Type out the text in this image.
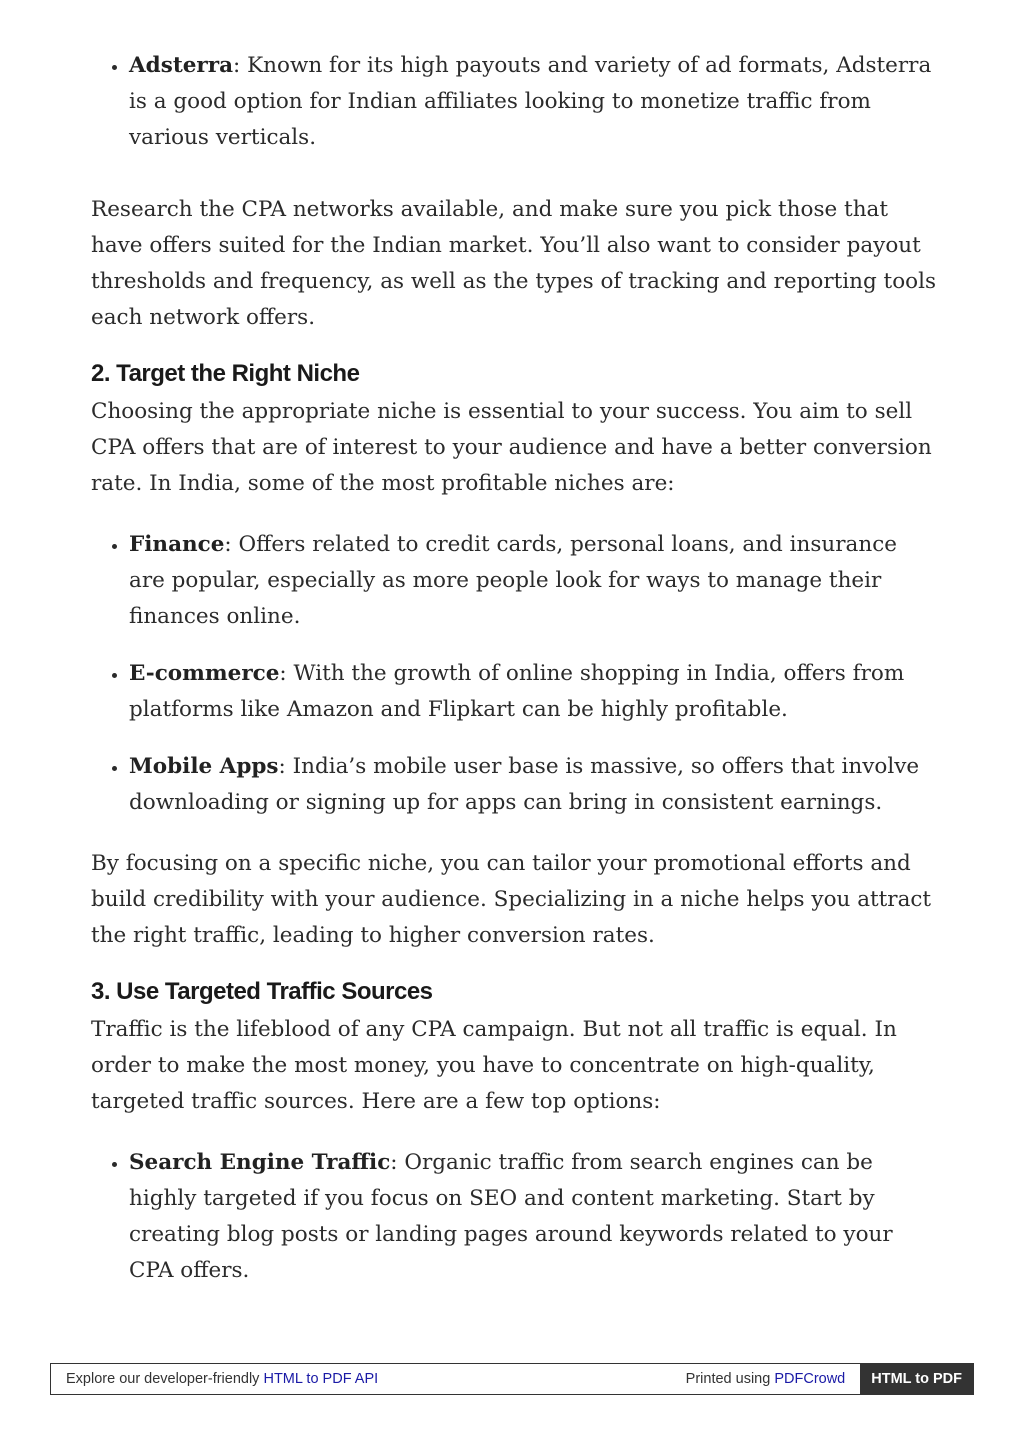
• Adsterra: Known for its high payouts and variety of ad formats, Adsterra is a good option for Indian affiliates looking to monetize traffic from various verticals.

Research the CPA networks available, and make sure you pick those that have offers suited for the Indian market. You’ll also want to consider payout thresholds and frequency, as well as the types of tracking and reporting tools each network offers.

2. Target the Right Niche

Choosing the appropriate niche is essential to your success. You aim to sell CPA offers that are of interest to your audience and have a better conversion rate. In India, some of the most profitable niches are:

• Finance: Offers related to credit cards, personal loans, and insurance are popular, especially as more people look for ways to manage their finances online.
• E-commerce: With the growth of online shopping in India, offers from platforms like Amazon and Flipkart can be highly profitable.
• Mobile Apps: India’s mobile user base is massive, so offers that involve downloading or signing up for apps can bring in consistent earnings.

By focusing on a specific niche, you can tailor your promotional efforts and build credibility with your audience. Specializing in a niche helps you attract the right traffic, leading to higher conversion rates.

3. Use Targeted Traffic Sources

Traffic is the lifeblood of any CPA campaign. But not all traffic is equal. In order to make the most money, you have to concentrate on high-quality, targeted traffic sources. Here are a few top options:

• Search Engine Traffic: Organic traffic from search engines can be highly targeted if you focus on SEO and content marketing. Start by creating blog posts or landing pages around keywords related to your CPA offers.
Explore our developer-friendly HTML to PDF API	Printed using PDFCrowd	HTML to PDF
